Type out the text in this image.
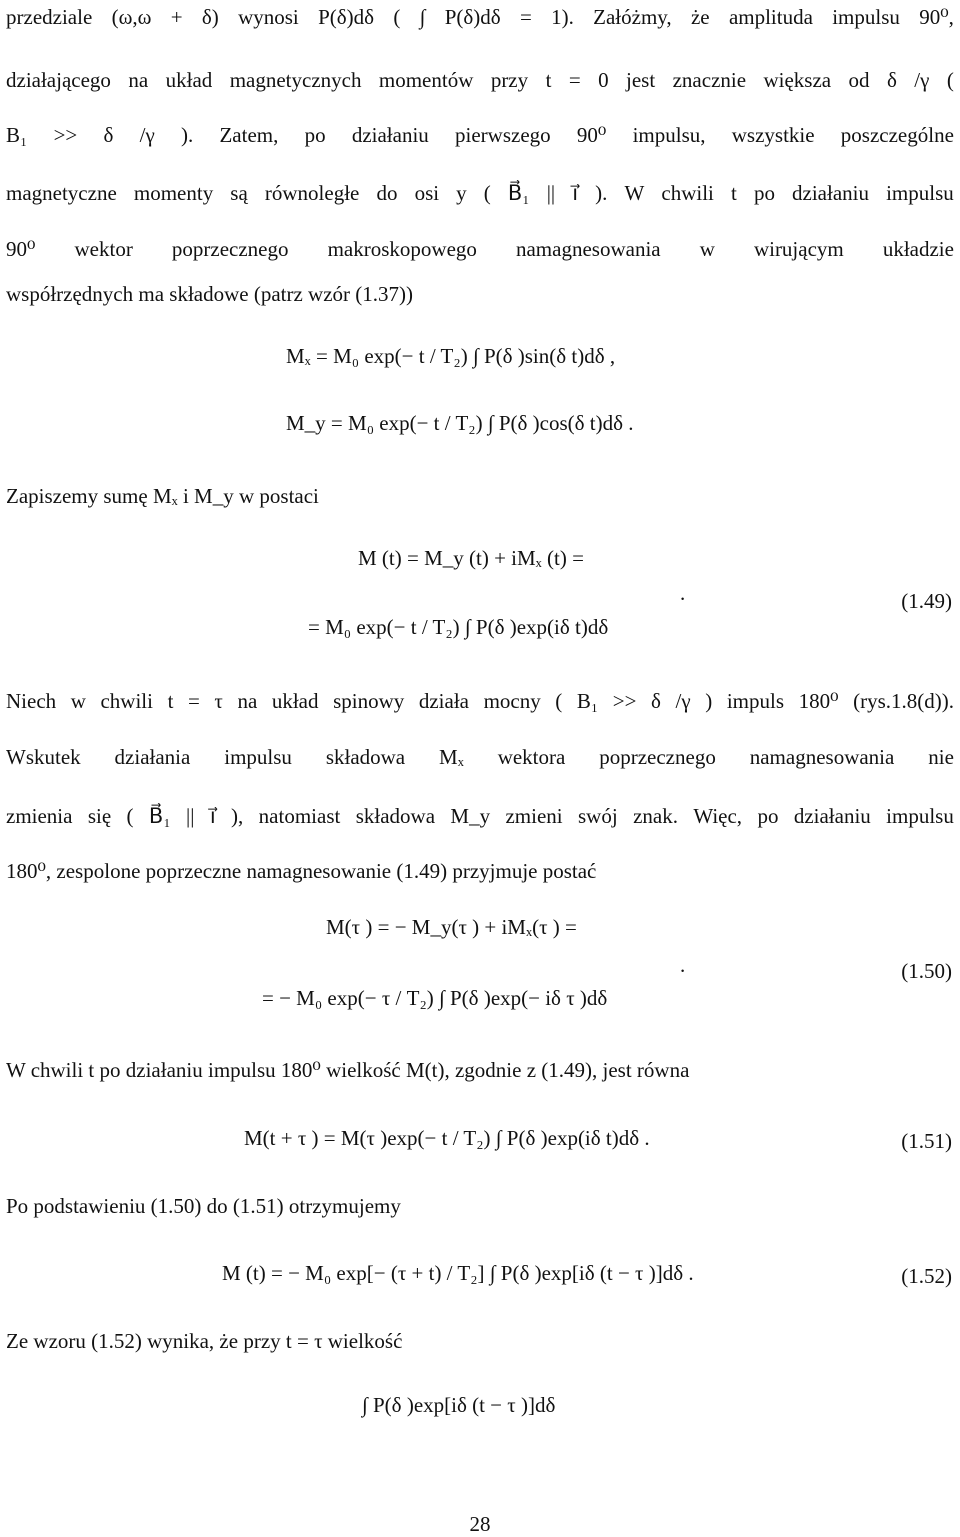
przedziale (ω,ω + δ) wynosi P(δ)dδ ( ∫ P(δ)dδ = 1). Załóżmy, że amplituda impulsu 90⁰,
działającego na układ magnetycznych momentów przy t = 0 jest znacznie większa od δ /γ (
B₁ >> δ /γ ). Zatem, po działaniu pierwszego 90⁰ impulsu, wszystkie poszczególne
magnetyczne momenty są równoległe do osi y ( B⃗₁ || i⃗ ). W chwili t po działaniu impulsu
90⁰ wektor poprzecznego makroskopowego namagnesowania w wirującym układzie
współrzędnych ma składowe (patrz wzór (1.37))
Mₓ = M₀ exp(− t / T₂) ∫ P(δ )sin(δ t)dδ ,
M_y = M₀ exp(− t / T₂) ∫ P(δ )cos(δ t)dδ .
Zapiszemy sumę Mₓ i M_y w postaci
M (t) = M_y (t) + iMₓ (t) =
= M₀ exp(− t / T₂) ∫ P(δ )exp(iδ t)dδ
.	(1.49)
Niech w chwili t = τ na układ spinowy działa mocny ( B₁ >> δ /γ ) impuls 180⁰ (rys.1.8(d)).
Wskutek działania impulsu składowa Mₓ wektora poprzecznego namagnesowania nie
zmienia się ( B⃗₁ || i⃗ ), natomiast składowa M_y zmieni swój znak. Więc, po działaniu impulsu
180⁰, zespolone poprzeczne namagnesowanie (1.49) przyjmuje postać
M(τ ) = − M_y(τ ) + iMₓ(τ ) =
= − M₀ exp(− τ / T₂) ∫ P(δ )exp(− iδ τ )dδ
.	(1.50)
W chwili t po działaniu impulsu 180⁰ wielkość M(t), zgodnie z (1.49), jest równa
M(t + τ ) = M(τ )exp(− t / T₂) ∫ P(δ )exp(iδ t)dδ .	(1.51)
Po podstawieniu (1.50) do (1.51) otrzymujemy
M (t) = − M₀ exp[− (τ + t) / T₂] ∫ P(δ )exp[iδ (t − τ )]dδ .	(1.52)
Ze wzoru (1.52) wynika, że przy t = τ wielkość
∫ P(δ )exp[iδ (t − τ )]dδ
28
